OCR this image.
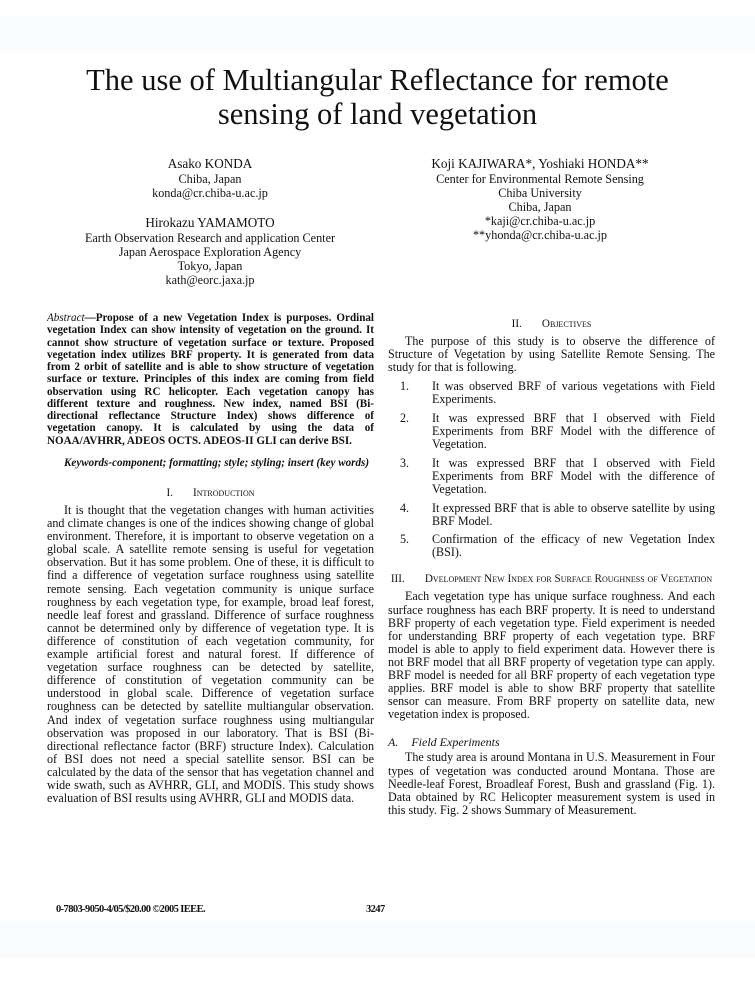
The use of Multiangular Reflectance for remote sensing of land vegetation
Asako KONDA
Chiba, Japan
konda@cr.chiba-u.ac.jp
Hirokazu YAMAMOTO
Earth Observation Research and application Center
Japan Aerospace Exploration Agency
Tokyo, Japan
kath@eorc.jaxa.jp
Koji KAJIWARA*, Yoshiaki HONDA**
Center for Environmental Remote Sensing
Chiba University
Chiba, Japan
*kaji@cr.chiba-u.ac.jp
**yhonda@cr.chiba-u.ac.jp
Abstract—Propose of a new Vegetation Index is purposes. Ordinal vegetation Index can show intensity of vegetation on the ground. It cannot show structure of vegetation surface or texture. Proposed vegetation index utilizes BRF property. It is generated from data from 2 orbit of satellite and is able to show structure of vegetation surface or texture. Principles of this index are coming from field observation using RC helicopter. Each vegetation canopy has different texture and roughness. New index, named BSI (Bi-directional reflectance Structure Index) shows difference of vegetation canopy. It is calculated by using the data of NOAA/AVHRR, ADEOS OCTS. ADEOS-II GLI can derive BSI.
Keywords-component; formatting; style; styling; insert (key words)
I. Introduction

It is thought that the vegetation changes with human activities and climate changes is one of the indices showing change of global environment. Therefore, it is important to observe vegetation on a global scale. A satellite remote sensing is useful for vegetation observation. But it has some problem. One of these, it is difficult to find a difference of vegetation surface roughness using satellite remote sensing. Each vegetation community is unique surface roughness by each vegetation type, for example, broad leaf forest, needle leaf forest and grassland. Difference of surface roughness cannot be determined only by difference of vegetation type. It is difference of constitution of each vegetation community, for example artificial forest and natural forest. If difference of vegetation surface roughness can be detected by satellite, difference of constitution of vegetation community can be understood in global scale. Difference of vegetation surface roughness can be detected by satellite multiangular observation. And index of vegetation surface roughness using multiangular observation was proposed in our laboratory. That is BSI (Bi-directional reflectance factor (BRF) structure Index). Calculation of BSI does not need a special satellite sensor. BSI can be calculated by the data of the sensor that has vegetation channel and wide swath, such as AVHRR, GLI, and MODIS. This study shows evaluation of BSI results using AVHRR, GLI and MODIS data.

II. Objectives

The purpose of this study is to observe the difference of Structure of Vegetation by using Satellite Remote Sensing. The study for that is following.

1.	It was observed BRF of various vegetations with Field Experiments.
2.	It was expressed BRF that I observed with Field Experiments from BRF Model with the difference of Vegetation.
3.	It was expressed BRF that I observed with Field Experiments from BRF Model with the difference of Vegetation.
4.	It expressed BRF that is able to observe satellite by using BRF Model.
5.	Confirmation of the efficacy of new Vegetation Index (BSI).
III. Dvelopment New Index for Surface Roughness of Vegetation

Each vegetation type has unique surface roughness. And each surface roughness has each BRF property. It is need to understand BRF property of each vegetation type. Field experiment is needed for understanding BRF property of each vegetation type. BRF model is able to apply to field experiment data. However there is not BRF model that all BRF property of vegetation type can apply. BRF model is needed for all BRF property of each vegetation type applies. BRF model is able to show BRF property that satellite sensor can measure. From BRF property on satellite data, new vegetation index is proposed.

A. Field Experiments

The study area is around Montana in U.S. Measurement in Four types of vegetation was conducted around Montana. Those are Needle-leaf Forest, Broadleaf Forest, Bush and grassland (Fig. 1). Data obtained by RC Helicopter measurement system is used in this study. Fig. 2 shows Summary of Measurement.

0-7803-9050-4/05/$20.00 ©2005 IEEE.	3247
